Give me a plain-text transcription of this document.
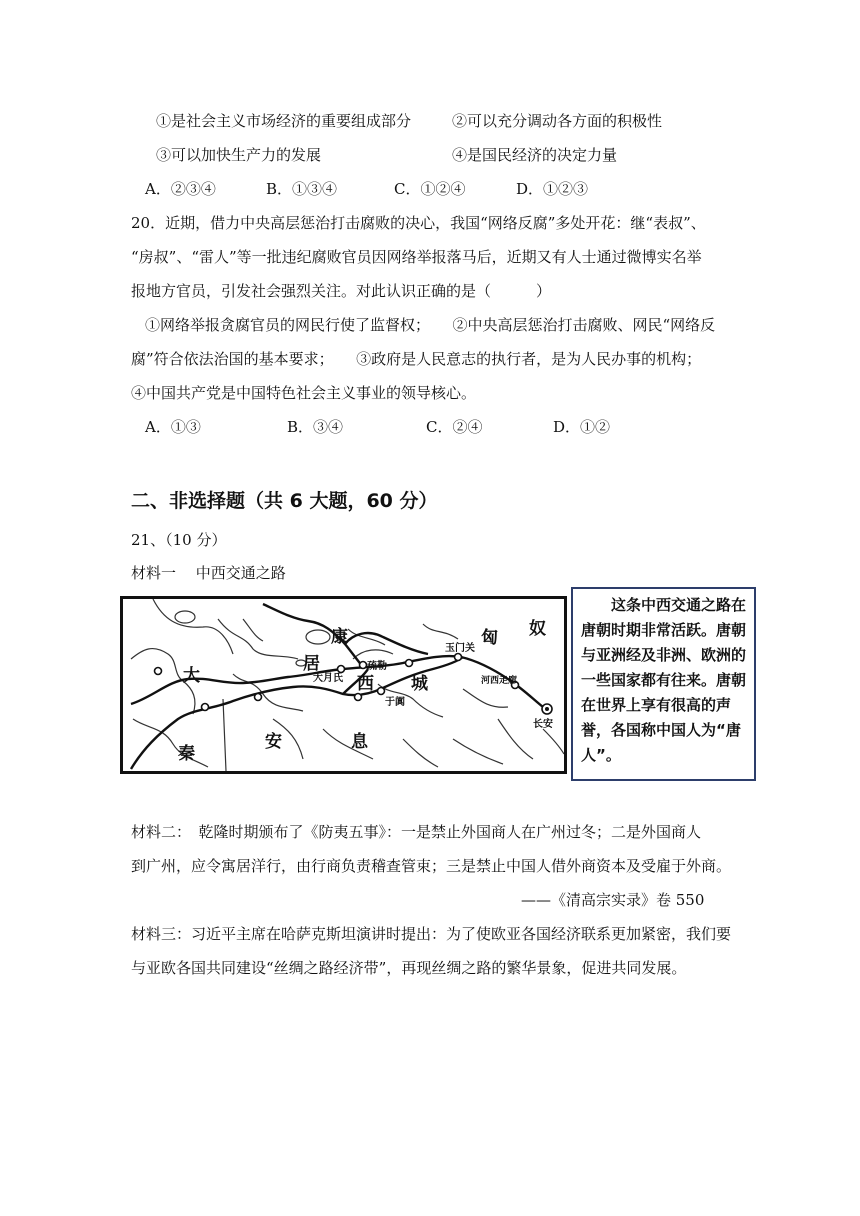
①是社会主义市场经济的重要组成部分	②可以充分调动各方面的积极性
③可以加快生产力的发展	④是国民经济的决定力量
A．②③④	B．①③④	C．①②④	D．①②③
20．近期，借力中央高层惩治打击腐败的决心，我国“网络反腐”多处开花：继“表叔”、
“房叔”、“雷人”等一批违纪腐败官员因网络举报落马后，近期又有人士通过微博实名举
报地方官员，引发社会强烈关注。对此认识正确的是（　　　）
①网络举报贪腐官员的网民行使了监督权；　　②中央高层惩治打击腐败、网民“网络反
腐”符合依法治国的基本要求；　　③政府是人民意志的执行者，是为人民办事的机构；
④中国共产党是中国特色社会主义事业的领导核心。
A．①③	B．③④	C．②④	D．①②
二、非选择题（共 6 大题，60 分）
21、（10 分）
材料一　 中西交通之路
康	匈 奴
大
居	疏勒
玉门关
大月氏 西 城	河西走廊
于阗
秦
安	息
长安

这条中西交通之路在唐朝时期非常活跃。唐朝与亚洲经及非洲、欧洲的一些国家都有往来。唐朝在世界上享有很高的声 誉，各国称中国人为“唐人”。

材料二：　乾隆时期颁布了《防夷五事》：一是禁止外国商人在广州过冬；二是外国商人
到广州，应令寓居洋行，由行商负责稽查管束；三是禁止中国人借外商资本及受雇于外商。
——《清高宗实录》卷 550
材料三：习近平主席在哈萨克斯坦演讲时提出：为了使欧亚各国经济联系更加紧密，我们要
与亚欧各国共同建设“丝绸之路经济带”，再现丝绸之路的繁华景象，促进共同发展。
